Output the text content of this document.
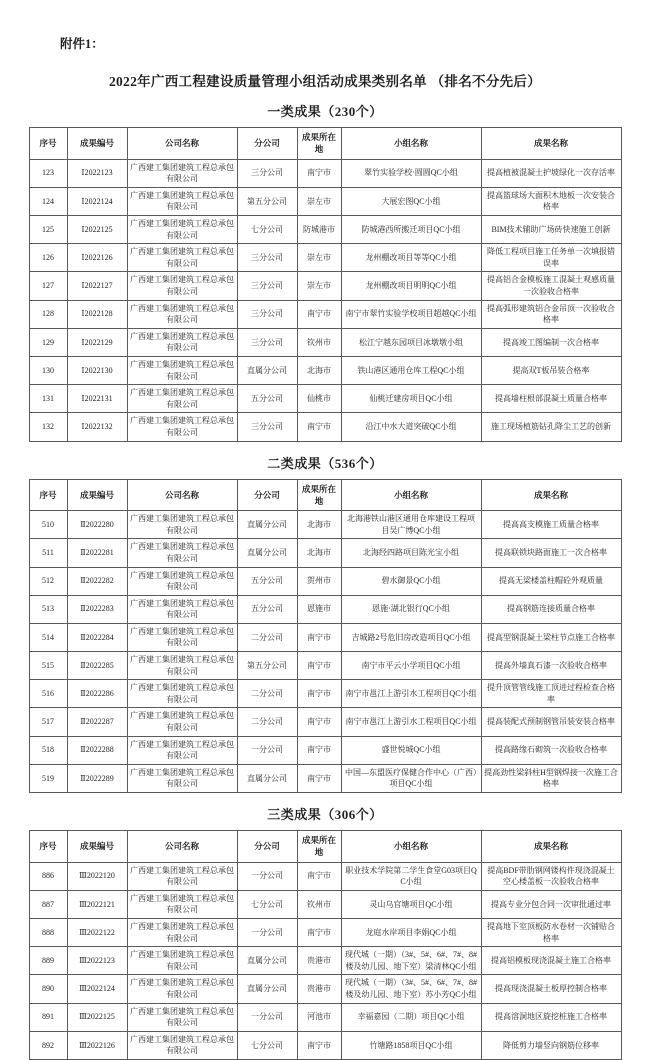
附件1：
2022年广西工程建设质量管理小组活动成果类别名单 （排名不分先后）
一类成果（230个）
序号	成果编号	公司名称	分公司	成果所在地	小组名称	成果名称
123	Ⅰ2022123	广西建工集团建筑工程总承包有限公司	三分公司	南宁市	翠竹实验学校·圆圆QC小组	提高植被混凝土护坡绿化一次存活率
124	Ⅰ2022124	广西建工集团建筑工程总承包有限公司	第五分公司	崇左市	大展宏图QC小组	提高篮球场大面积木地板一次安装合格率
125	Ⅰ2022125	广西建工集团建筑工程总承包有限公司	七分公司	防城港市	防城港西所搬迁项目QC小组	BIM技术辅助广场砖快速施工创新
126	Ⅰ2022126	广西建工集团建筑工程总承包有限公司	三分公司	崇左市	龙州棚改项目等等QC小组	降低工程项目施工任务单一次填报错误率
127	Ⅰ2022127	广西建工集团建筑工程总承包有限公司	三分公司	崇左市	龙州棚改项目明明QC小组	提高铝合金模板施工混凝土观感质量一次验收合格率
128	Ⅰ2022128	广西建工集团建筑工程总承包有限公司	三分公司	南宁市	南宁市翠竹实验学校项目超越QC小组	提高弧形建筑铝合金吊顶一次验收合格率
129	Ⅰ2022129	广西建工集团建筑工程总承包有限公司	三分公司	钦州市	松江宁越东园项目冰墩墩小组	提高竣工图编制一次合格率
130	Ⅰ2022130	广西建工集团建筑工程总承包有限公司	直属分公司	北海市	铁山港区通用仓库工程QC小组	提高双T板吊装合格率
131	Ⅰ2022131	广西建工集团建筑工程总承包有限公司	五分公司	仙桃市	仙桃迁建房项目QC小组	提高墙柱根部混凝土质量合格率
132	Ⅰ2022132	广西建工集团建筑工程总承包有限公司	三分公司	南宁市	沿江中水大道突破QC小组	施工现场植筋钻孔降尘工艺的创新
二类成果（536个）
序号	成果编号	公司名称	分公司	成果所在地	小组名称	成果名称
510	Ⅱ2022280	广西建工集团建筑工程总承包有限公司	直属分公司	北海市	北海港铁山港区通用仓库建设工程项目吴广博QC小组	提高高支模施工质量合格率
511	Ⅱ2022281	广西建工集团建筑工程总承包有限公司	直属分公司	北海市	北海经四路项目陈光宝小组	提高联锁块路面施工一次合格率
512	Ⅱ2022282	广西建工集团建筑工程总承包有限公司	五分公司	贺州市	碧水御景QC小组	提高无梁楼盖柱帽砼外观质量
513	Ⅱ2022283	广西建工集团建筑工程总承包有限公司	五分公司	恩施市	恩施·湖北银行QC小组	提高钢筋连接质量合格率
514	Ⅱ2022284	广西建工集团建筑工程总承包有限公司	二分公司	南宁市	吉城路2号危旧房改造项目QC小组	提高型钢混凝土梁柱节点施工合格率
515	Ⅱ2022285	广西建工集团建筑工程总承包有限公司	第五分公司	南宁市	南宁市平云小学项目QC小组	提高外墙真石漆一次验收合格率
516	Ⅱ2022286	广西建工集团建筑工程总承包有限公司	二分公司	南宁市	南宁市邕江上游引水工程项目QC小组	提升顶管管线施工顶进过程检查合格率
517	Ⅱ2022287	广西建工集团建筑工程总承包有限公司	二分公司	南宁市	南宁市邕江上游引水工程项目QC小组	提高装配式预制钢管吊装安装合格率
518	Ⅱ2022288	广西建工集团建筑工程总承包有限公司	一分公司	南宁市	盛世悦城QC小组	提高路缘石砌筑一次验收合格率
519	Ⅱ2022289	广西建工集团建筑工程总承包有限公司	直属分公司	南宁市	中国—东盟医疗保健合作中心（广西）项目QC小组	提高劲性梁斜柱H型钢焊接一次施工合格率
三类成果（306个）
序号	成果编号	公司名称	分公司	成果所在地	小组名称	成果名称
886	Ⅲ2022120	广西建工集团建筑工程总承包有限公司	一分公司	南宁市	职业技术学院第二学生食堂G03项目QC小组	提高BDF带肋钢网镂构件现浇混凝土空心楼盖板一次验收合格率
887	Ⅲ2022121	广西建工集团建筑工程总承包有限公司	七分公司	钦州市	灵山乌官塘项目QC小组	提高专业分包合同一次审批通过率
888	Ⅲ2022122	广西建工集团建筑工程总承包有限公司	一分公司	南宁市	龙庭水岸项目李娟QC小组	提高地下室顶板防水卷材一次铺贴合格率
889	Ⅲ2022123	广西建工集团建筑工程总承包有限公司	直属分公司	贵港市	现代城（一期）（3#、5#、6#、7#、8#楼及幼儿园、地下室）梁清林QC小组	提高铝模板现浇混凝土施工合格率
890	Ⅲ2022124	广西建工集团建筑工程总承包有限公司	直属分公司	贵港市	现代城（一期）（3#、5#、6#、7#、8#楼及幼儿园、地下室）苏小芳QC小组	提高现浇混凝土板厚控制合格率
891	Ⅲ2022125	广西建工集团建筑工程总承包有限公司	一分公司	河池市	幸福嘉园（二期）项目QC小组	提高溶洞地区旋挖桩施工合格率
892	Ⅲ2022126	广西建工集团建筑工程总承包有限公司	七分公司	南宁市	竹塘路1858项目QC小组	降低剪力墙竖向钢筋位移率
